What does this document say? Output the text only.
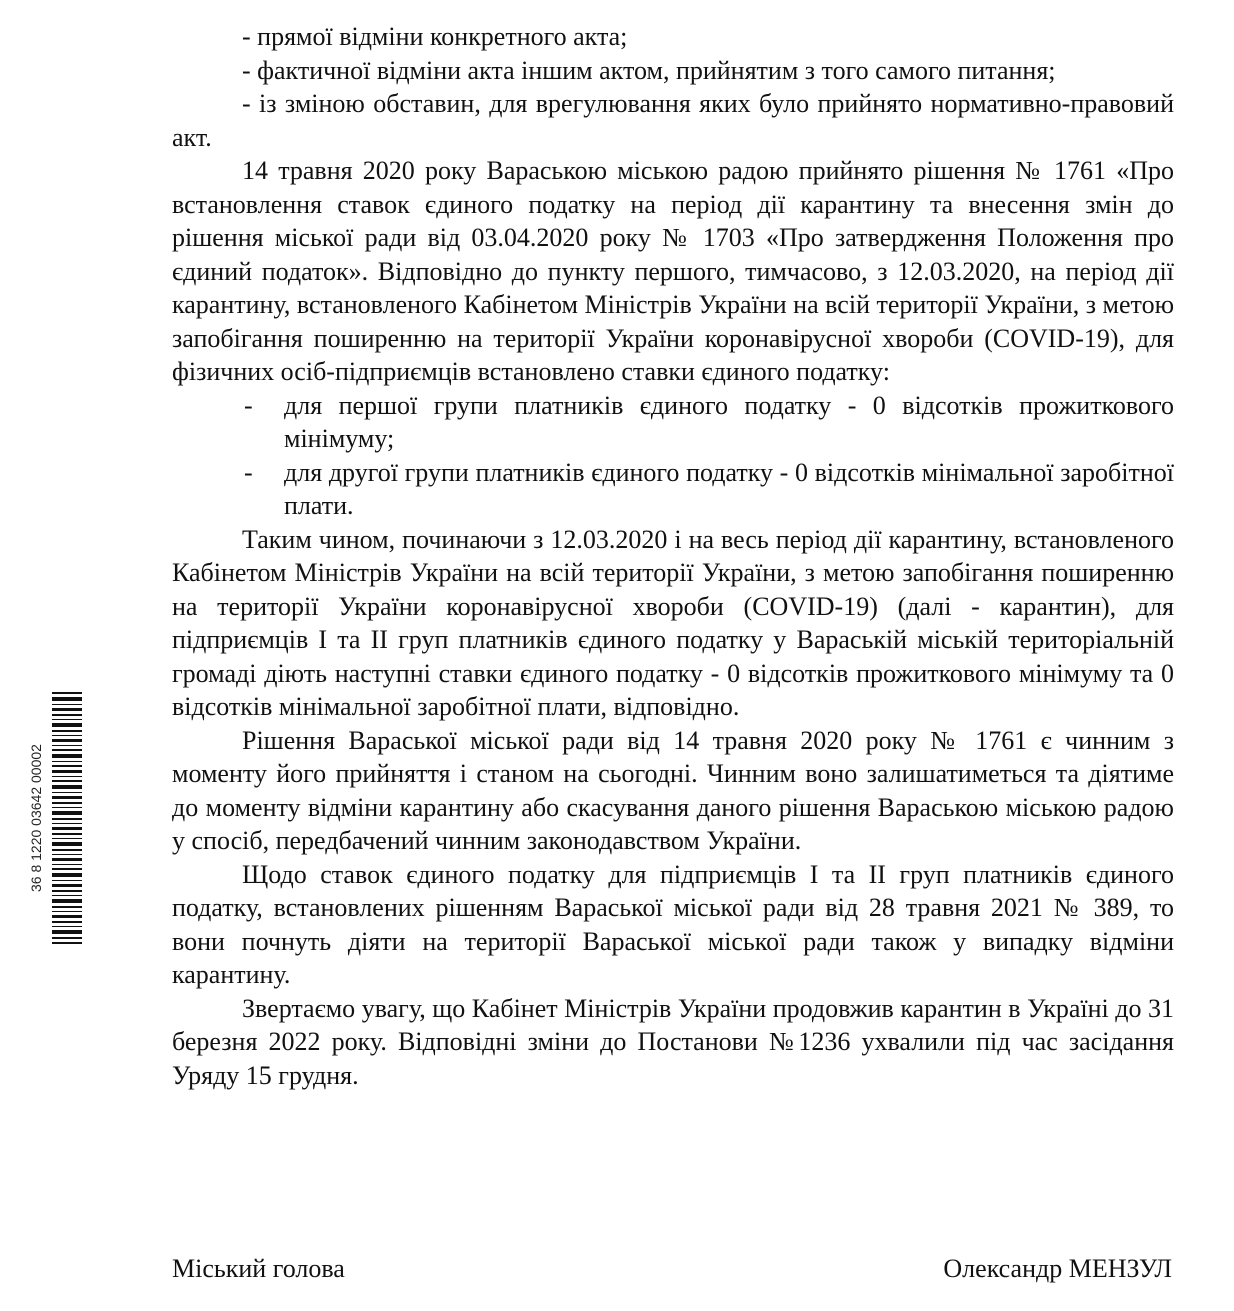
- прямої відміни конкретного акта;
- фактичної відміни акта іншим актом, прийнятим з того самого питання;

- із зміною обставин, для врегулювання яких було прийнято нормативно-правовий акт.

14 травня 2020 року Вараською міською радою прийнято рішення № 1761 «Про встановлення ставок єдиного податку на період дії карантину та внесення змін до рішення міської ради від 03.04.2020 року № 1703 «Про затвердження Положення про єдиний податок». Відповідно до пункту першого, тимчасово, з 12.03.2020, на період дії карантину, встановленого Кабінетом Міністрів України на всій території України, з метою запобігання поширенню на території України коронавірусної хвороби (COVID-19), для фізичних осіб-підприємців встановлено ставки єдиного податку:

- для першої групи платників єдиного податку - 0 відсотків прожиткового мінімуму;
- для другої групи платників єдиного податку - 0 відсотків мінімальної заробітної плати.

Таким чином, починаючи з 12.03.2020 і на весь період дії карантину, встановленого Кабінетом Міністрів України на всій території України, з метою запобігання поширенню на території України коронавірусної хвороби (COVID-19) (далі - карантин), для підприємців І та ІІ груп платників єдиного податку у Вараській міській територіальній громаді діють наступні ставки єдиного податку - 0 відсотків прожиткового мінімуму та 0 відсотків мінімальної заробітної плати, відповідно.

Рішення Вараської міської ради від 14 травня 2020 року № 1761 є чинним з моменту його прийняття і станом на сьогодні. Чинним воно залишатиметься та діятиме до моменту відміни карантину або скасування даного рішення Вараською міською радою у спосіб, передбачений чинним законодавством України.

Щодо ставок єдиного податку для підприємців І та ІІ груп платників єдиного податку, встановлених рішенням Вараської міської ради від 28 травня 2021 № 389, то вони почнуть діяти на території Вараської міської ради також у випадку відміни карантину.

Звертаємо увагу, що Кабінет Міністрів України продовжив карантин в Україні до 31 березня 2022 року. Відповідні зміни до Постанови №1236 ухвалили під час засідання Уряду 15 грудня.

Міський голова	Олександр МЕНЗУЛ
36 8 1220 03642 00002
